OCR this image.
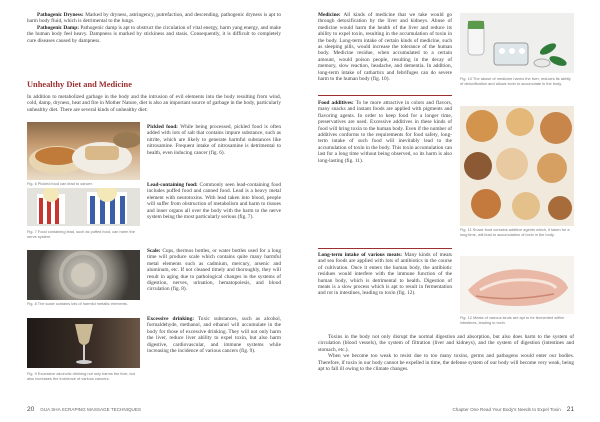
Pathogenic Dryness: Marked by dryness, astringency, putrefaction, and descending, pathogenic dryness is apt to harm body fluid, which is detrimental to the lungs.

Pathogenic Damp: Pathogenic damp is apt to obstruct the circulation of vital energy, harm yang energy, and make the human body feel heavy. Dampness is marked by stickiness and stasis. Consequently, it is difficult to completely cure diseases caused by dampness.

Unhealthy Diet and Medicine

In addition to metabolized garbage in the body and the intrusion of evil elements into the body resulting from wind, cold, damp, dryness, heat and fire in Mother Nature, diet is also an important source of garbage in the body, particularly unhealthy diet. There are several kinds of unhealthy diet:

Fig. 6 Pickled food can lead to cancer.

Pickled food: While being processed, pickled food is often added with lots of salt that contains impure substance, such as nitrite, which are likely to generate harmful substances like nitrosamine. Frequent intake of nitrosamine is detrimental to health, even inducing cancer (fig. 6).

Fig. 7 Food containing lead, such as puffed food, can harm the nerve system.

Lead-containing food: Commonly seen lead-containing food includes puffed food and canned food. Lead is a heavy metal element with neurotoxins. With lead taken into blood, people will suffer from obstruction of metabolism and harm to tissues and inner organs all over the body with the harm to the nerve system being the most particularly serious (fig. 7).

Fig. 8 The scale contains lots of harmful metallic elements.

Scale: Cups, thermos bottles, or water bottles used for a long time will produce scale which contains quite many harmful metal elements such as cadmium, mercury, arsenic and aluminum, etc. If not cleaned timely and thoroughly, they will result in aging due to pathological changes in the systems of digestion, nerves, urination, hematopoiesis, and blood circulation (fig. 8).

Fig. 9 Excessive alcoholic drinking not only harms the liver, but also increases the incidence of various cancers.

Excessive drinking: Toxic substances, such as alcohol, formaldehyde, methanol, and ethanol will accumulate in the body for those of excessive drinking. They will not only harm the liver, reduce liver ability to expel toxin, but also harm digestive, cardiovascular, and immune systems while increasing the incidence of various cancers (fig. 9).

20 GUA SHA SCRAPING MASSAGE TECHNIQUES

Medicine: All kinds of medicine that we take would go through detoxification by the liver and kidneys. Abuse of medicine would harm the health of the liver and reduce its ability to expel toxin, resulting in the accumulation of toxin in the body. Long-term intake of certain kinds of medicine, such as sleeping pills, would increase the tolerance of the human body. Medicine residue, when accumulated to a certain amount, would poison people, resulting in the decay of memory, slow reaction, headache, and dementia. In addition, long-term intake of cathartics and febrifuges can do severe harm to the human body (fig. 10).	Fig. 10 The abuse of medicine harms the liver, reduces its ability of detoxification and allows toxin to accumulate in the body.

Food additives: To be more attractive in colors and flavors, many snacks and instant foods are applied with pigments and flavoring agents. In order to keep food for a longer time, preservatives are used. Excessive additives in these kinds of food will bring toxin to the human body. Even if the number of additives conforms to the requirements for food safety, long-term intake of such food will inevitably lead to the accumulation of toxin in the body. This toxin accumulation can last for a long time without being observed, so its harm is also long-lasting (fig. 11).

Fig. 11 Snack food contains additive agents which, if taken for a long time, will lead to accumulation of toxin in the body.

Long-term intake of various meats: Many kinds of meats and sea foods are applied with lots of antibiotics in the course of cultivation. Once it enters the human body, the antibiotic residues would interfere with the immune function of the human body, which is detrimental to health. Digestion of meats is a slow process which is apt to result in fermentation and rot in intestines, leading to toxin (fig. 12).

Fig. 12 Meats of various kinds are apt to be fermented within intestines, leading to toxin.

Toxins in the body not only disrupt the normal digestion and absorption, but also does harm to the system of circulation (blood vessels), the system of filtration (liver and kidneys), and the system of digestion (intestines and stomach, etc.).

When we become too weak to resist due to too many toxins, germs and pathogens would enter our bodies. Therefore, if toxin in our body cannot be expelled in time, the defense system of our body will become very weak, being apt to fall ill owing to the climate changes.

Chapter One Read Your Body's Needs to Expel Toxin 21
